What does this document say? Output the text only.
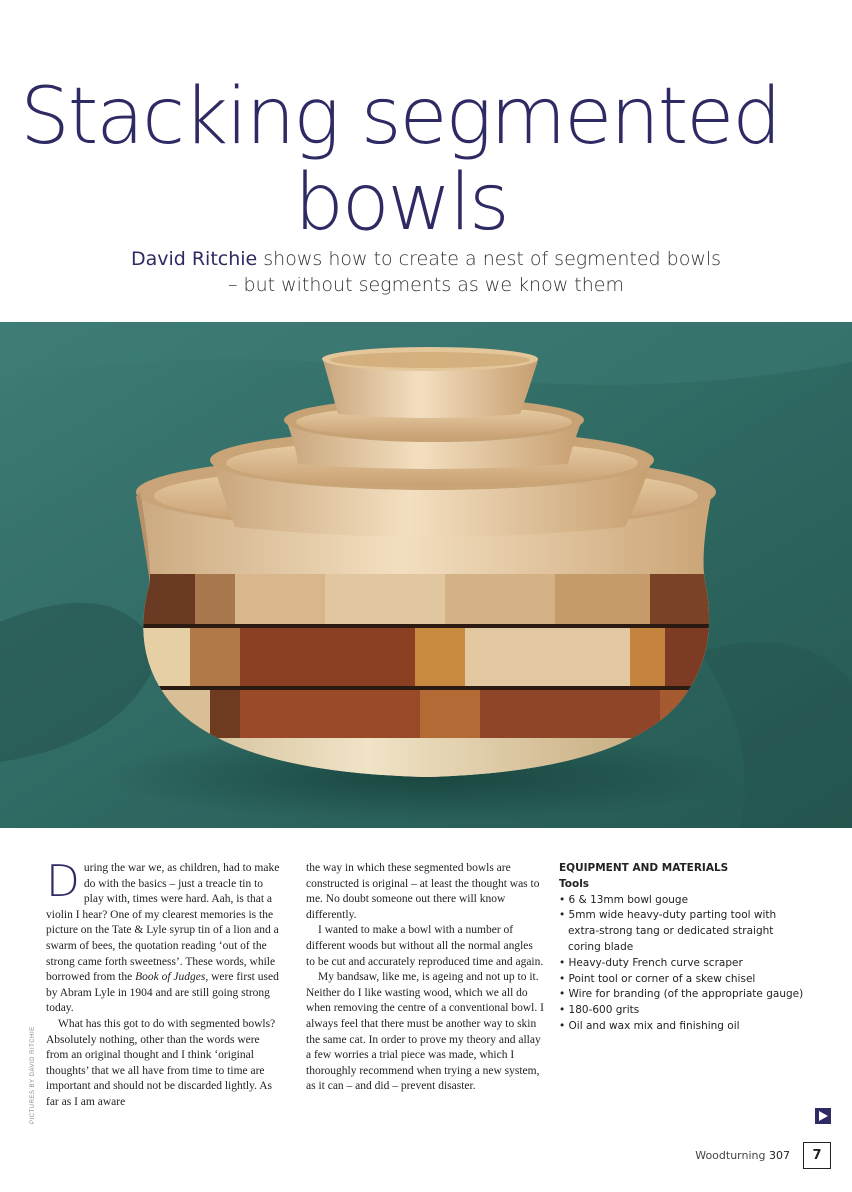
Stacking segmented
bowls
David Ritchie shows how to create a nest of segmented bowls
– but without segments as we know them
PICTURES BY DAVID RITCHIE

During the war we, as children, had to make do with the basics – just a treacle tin to play with, times were hard. Aah, is that a violin I hear? One of my clearest memories is the picture on the Tate & Lyle syrup tin of a lion and a swarm of bees, the quotation reading ‘out of the strong came forth sweetness’. These words, while borrowed from the Book of Judges, were first used by Abram Lyle in 1904 and are still going strong today.

What has this got to do with segmented bowls? Absolutely nothing, other than the words were from an original thought and I think ‘original thoughts’ that we all have from time to time are important and should not be discarded lightly. As far as I am aware

the way in which these segmented bowls are constructed is original – at least the thought was to me. No doubt someone out there will know differently.

I wanted to make a bowl with a number of different woods but without all the normal angles to be cut and accurately reproduced time and again.

My bandsaw, like me, is ageing and not up to it. Neither do I like wasting wood, which we all do when removing the centre of a conventional bowl. I always feel that there must be another way to skin the same cat. In order to prove my theory and allay a few worries a trial piece was made, which I thoroughly recommend when trying a new system, as it can – and did – prevent disaster.

EQUIPMENT AND MATERIALS
Tools
• 6 & 13mm bowl gouge
• 5mm wide heavy-duty parting tool with extra-strong tang or dedicated straight coring blade
• Heavy-duty French curve scraper
• Point tool or corner of a skew chisel
• Wire for branding (of the appropriate gauge)
• 180-600 grits
• Oil and wax mix and finishing oil
Woodturning 307	7
